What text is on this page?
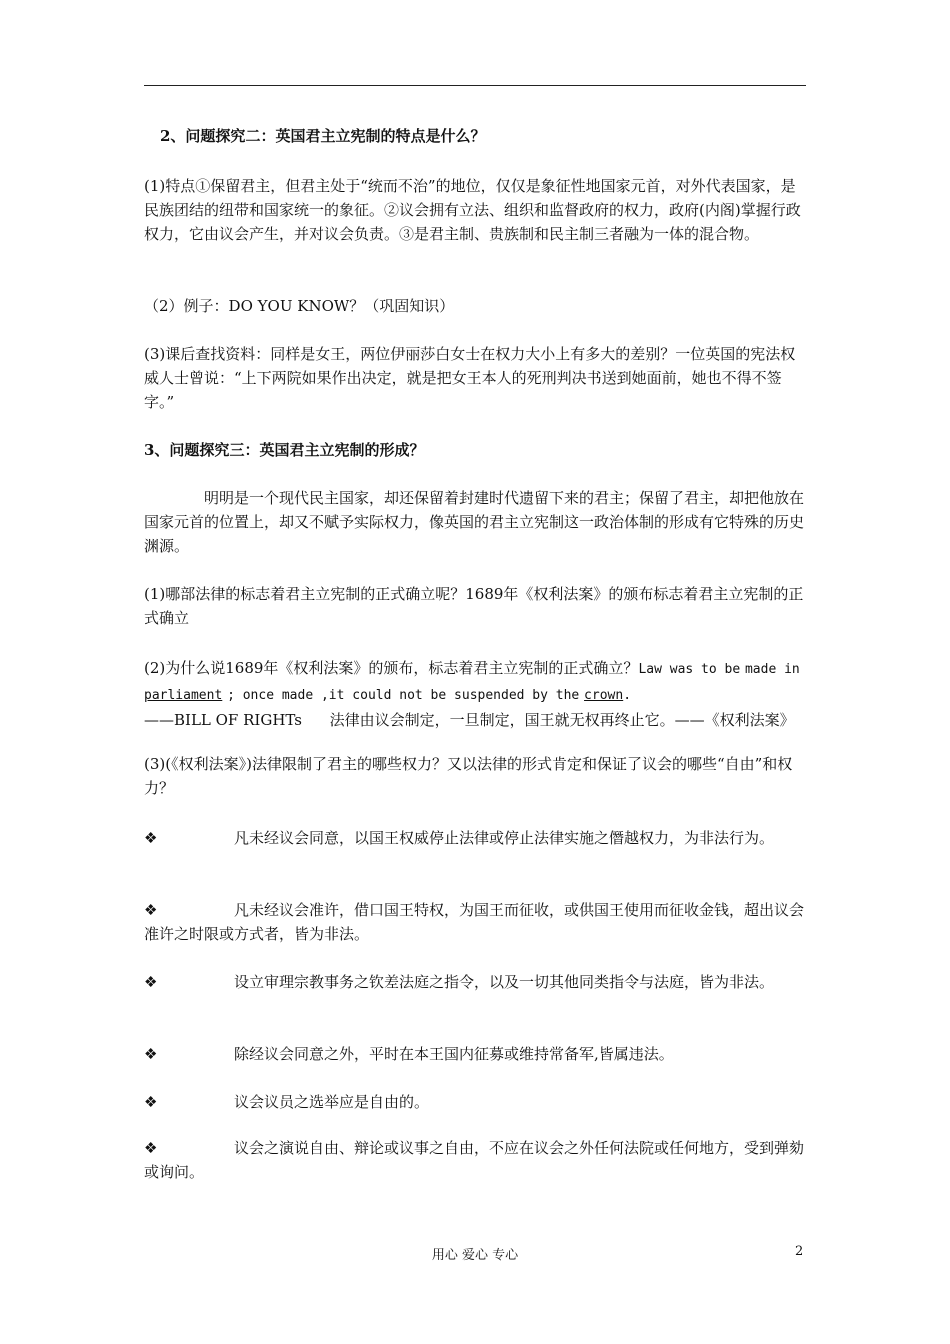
2、问题探究二：英国君主立宪制的特点是什么？
(1)特点①保留君主，但君主处于“统而不治”的地位，仅仅是象征性地国家元首，对外代表国家，是民族团结的纽带和国家统一的象征。②议会拥有立法、组织和监督政府的权力，政府(内阁)掌握行政权力，它由议会产生，并对议会负责。③是君主制、贵族制和民主制三者融为一体的混合物。
（2）例子：DO YOU KNOW？（巩固知识）
(3)课后查找资料：同样是女王，两位伊丽莎白女士在权力大小上有多大的差别？一位英国的宪法权威人士曾说：“上下两院如果作出决定，就是把女王本人的死刑判决书送到她面前，她也不得不签字。”
3、问题探究三：英国君主立宪制的形成？
明明是一个现代民主国家，却还保留着封建时代遗留下来的君主；保留了君主，却把他放在国家元首的位置上，却又不赋予实际权力，像英国的君主立宪制这一政治体制的形成有它特殊的历史渊源。
(1)哪部法律的标志着君主立宪制的正式确立呢？1689年《权利法案》的颁布标志着君主立宪制的正式确立
(2)为什么说1689年《权利法案》的颁布，标志着君主立宪制的正式确立？Law was to be made in parliament ; once made ,it could not be suspended by the crown.
——BILL OF RIGHTs 法律由议会制定，一旦制定，国王就无权再终止它。——《权利法案》
(3)(《权利法案》)法律限制了君主的哪些权力？又以法律的形式肯定和保证了议会的哪些“自由”和权力？
❖	凡未经议会同意，以国王权威停止法律或停止法律实施之僭越权力，为非法行为。
❖	凡未经议会准许，借口国王特权，为国王而征收，或供国王使用而征收金钱，超出议会准许之时限或方式者，皆为非法。
❖	设立审理宗教事务之钦差法庭之指令，以及一切其他同类指令与法庭，皆为非法。
❖	除经议会同意之外，平时在本王国内征募或维持常备军,皆属违法。
❖	议会议员之选举应是自由的。
❖	议会之演说自由、辩论或议事之自由，不应在议会之外任何法院或任何地方，受到弹劾或询问。
用心 爱心 专心	2
